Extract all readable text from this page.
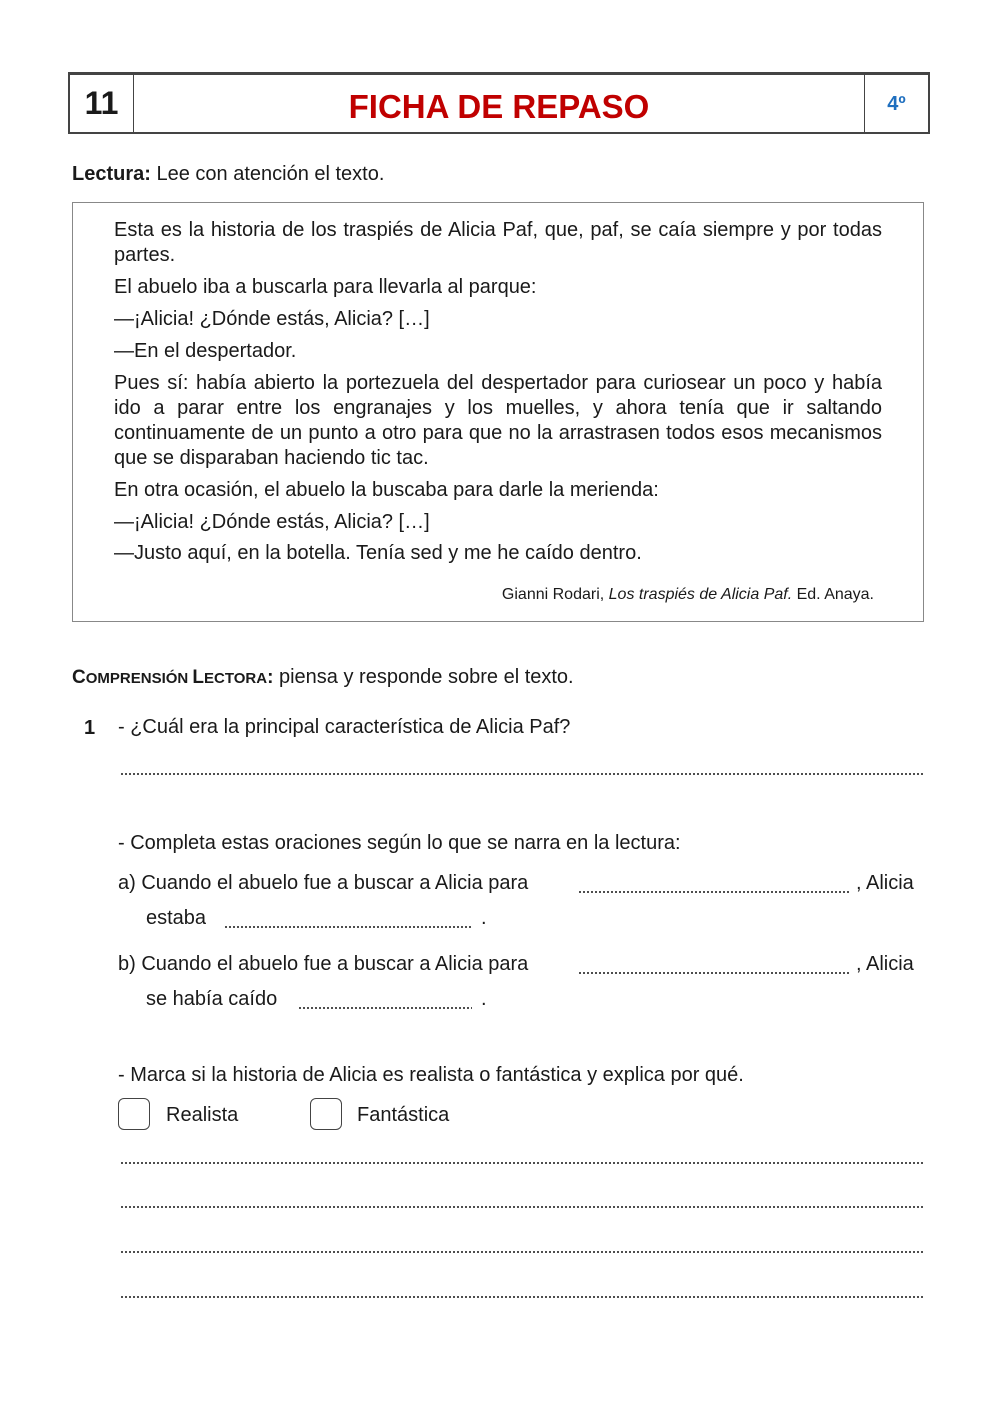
11	FICHA DE REPASO	4º
Lectura: Lee con atención el texto.
Esta es la historia de los traspiés de Alicia Paf, que, paf, se caía siempre y por todas partes.
El abuelo iba a buscarla para llevarla al parque:
—¡Alicia! ¿Dónde estás, Alicia? […]
—En el despertador.
Pues sí: había abierto la portezuela del despertador para curiosear un poco y había ido a parar entre los engranajes y los muelles, y ahora tenía que ir saltando continuamente de un punto a otro para que no la arrastrasen todos esos mecanismos que se disparaban haciendo tic tac.
En otra ocasión, el abuelo la buscaba para darle la merienda:
—¡Alicia! ¿Dónde estás, Alicia? […]
—Justo aquí, en la botella. Tenía sed y me he caído dentro.
Gianni Rodari, Los traspiés de Alicia Paf. Ed. Anaya.
COMPRENSIÓN LECTORA: piensa y responde sobre el texto.
1 - ¿Cuál era la principal característica de Alicia Paf?
- Completa estas oraciones según lo que se narra en la lectura:
a) Cuando el abuelo fue a buscar a Alicia para	, Alicia
estaba	.
b) Cuando el abuelo fue a buscar a Alicia para	, Alicia
se había caído	.
- Marca si la historia de Alicia es realista o fantástica y explica por qué.
Realista	Fantástica
